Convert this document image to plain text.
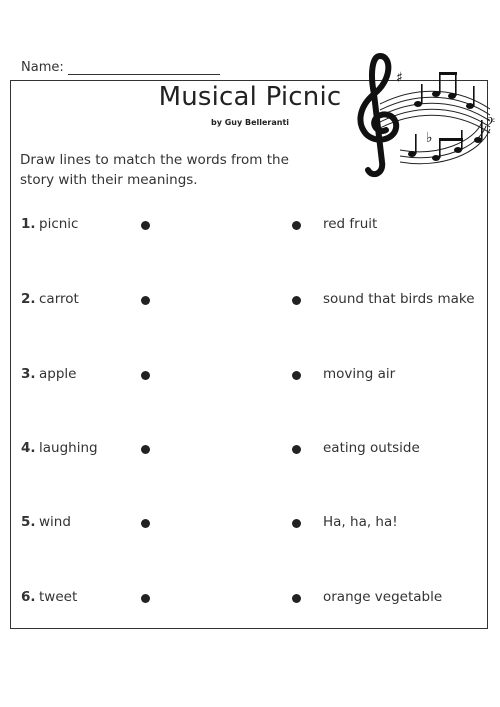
Name:
Musical Picnic
by Guy Belleranti
Draw lines to match the words from the story with their meanings.
♯
♭
𝄢
1. picnic	red fruit
2. carrot	sound that birds make
3. apple	moving air
4. laughing	eating outside
5. wind	Ha, ha, ha!
6. tweet	orange vegetable
